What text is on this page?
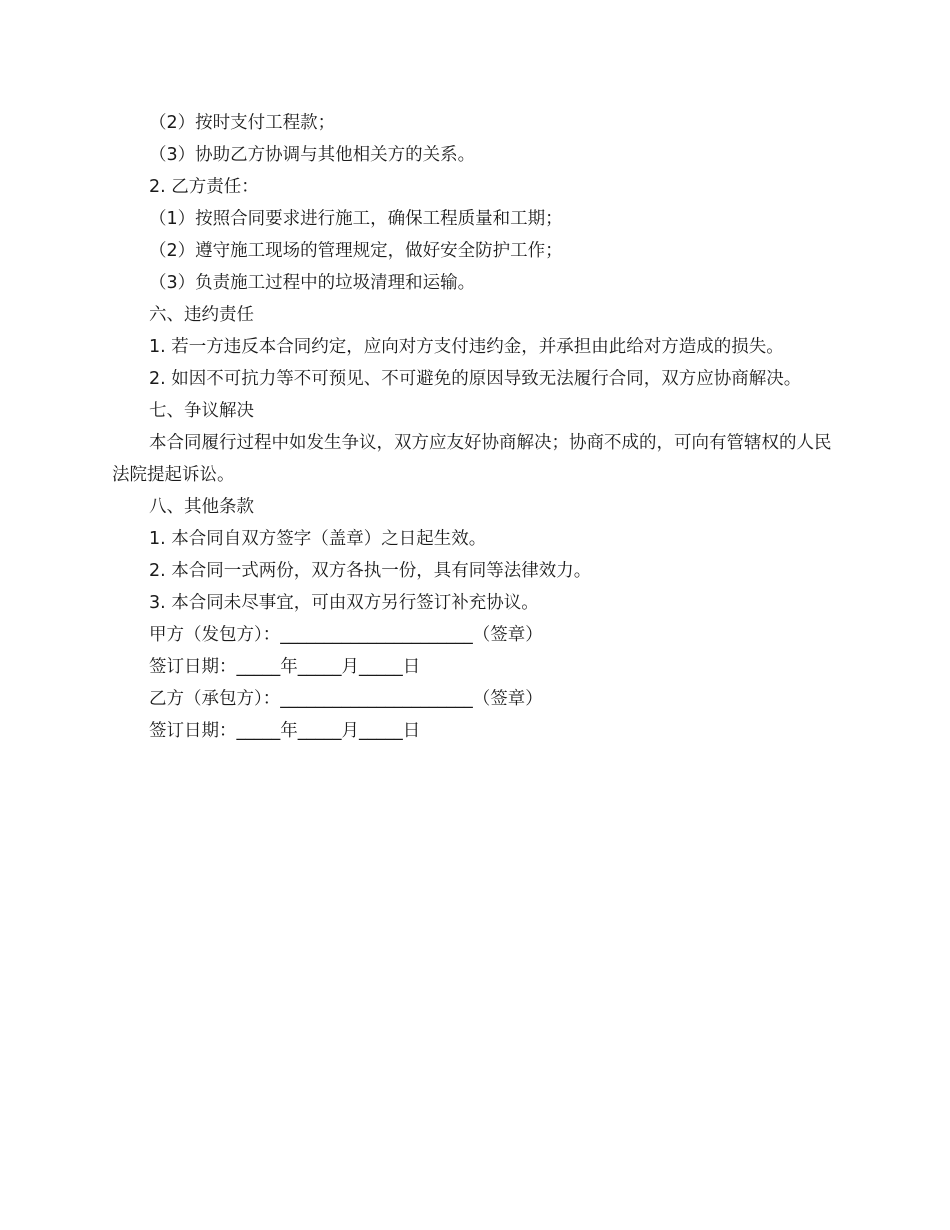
（2）按时支付工程款；

（3）协助乙方协调与其他相关方的关系。

2. 乙方责任：

（1）按照合同要求进行施工，确保工程质量和工期；

（2）遵守施工现场的管理规定，做好安全防护工作；

（3）负责施工过程中的垃圾清理和运输。

六、违约责任

1. 若一方违反本合同约定，应向对方支付违约金，并承担由此给对方造成的损失。

2. 如因不可抗力等不可预见、不可避免的原因导致无法履行合同，双方应协商解决。

七、争议解决

本合同履行过程中如发生争议，双方应友好协商解决；协商不成的，可向有管辖权的人民法院提起诉讼。

八、其他条款

1. 本合同自双方签字（盖章）之日起生效。

2. 本合同一式两份，双方各执一份，具有同等法律效力。

3. 本合同未尽事宜，可由双方另行签订补充协议。

甲方（发包方）：______________________（签章）

签订日期：_____年_____月_____日

乙方（承包方）：______________________（签章）

签订日期：_____年_____月_____日
